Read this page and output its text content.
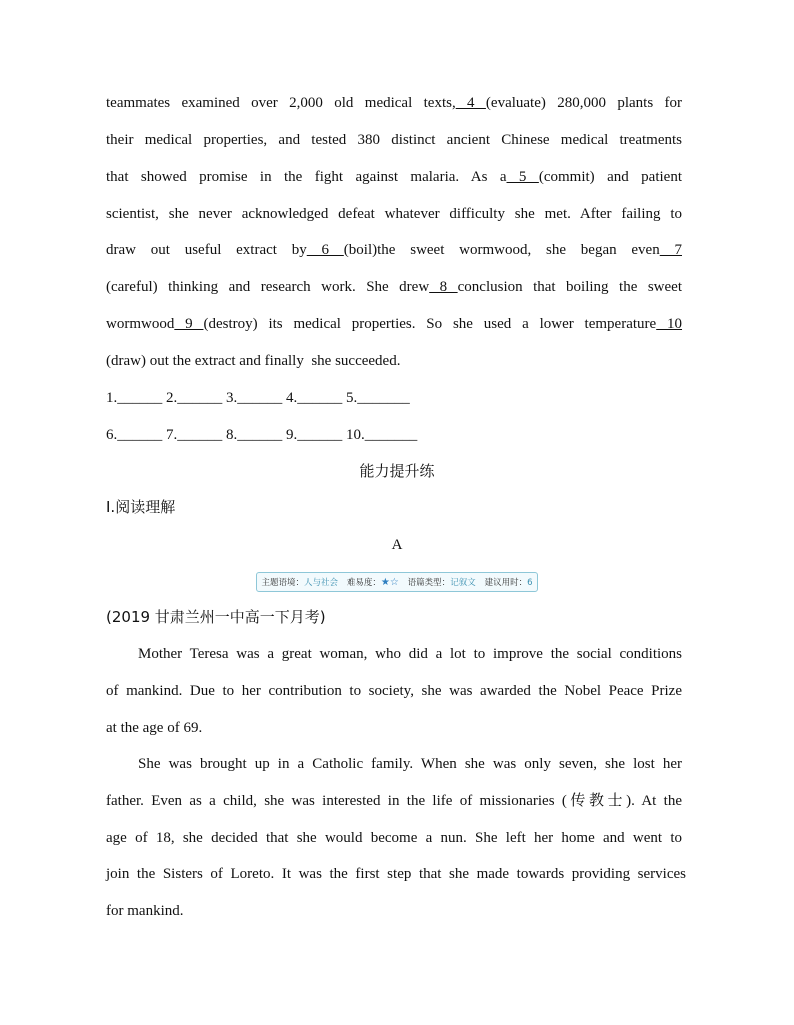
teammates examined over 2,000 old medical texts, 4 (evaluate) 280,000 plants for
their medical properties, and tested 380 distinct ancient Chinese medical treatments
that showed promise in the fight against malaria. As a 5 (commit) and patient
scientist, she never acknowledged defeat whatever difficulty she met. After failing to
draw out useful extract by 6 (boil)the sweet wormwood, she began even 7
(careful) thinking and research work. She drew 8 conclusion that boiling the sweet
wormwood 9 (destroy) its medical properties. So she used a lower temperature 10
(draw) out the extract and finally  she succeeded.
1.______ 2.______ 3.______ 4.______ 5._______
6.______ 7.______ 8.______ 9.______ 10._______
能力提升练
Ⅰ.阅读理解
A
主题语境：人与社会 难易度：★☆ 语篇类型：记叙文 建议用时：6
(2019 甘肃兰州一中高一下月考)
Mother Teresa was a great woman, who did a lot to improve the social conditions
of mankind. Due to her contribution to society, she was awarded the Nobel Peace Prize
at the age of 69.
She was brought up in a Catholic family. When she was only seven, she lost her
father. Even as a child, she was interested in the life of missionaries (传教士). At the
age of 18, she decided that she would become a nun. She left her home and went to
join the Sisters of Loreto. It was the first step that she made towards providing services
for mankind.
